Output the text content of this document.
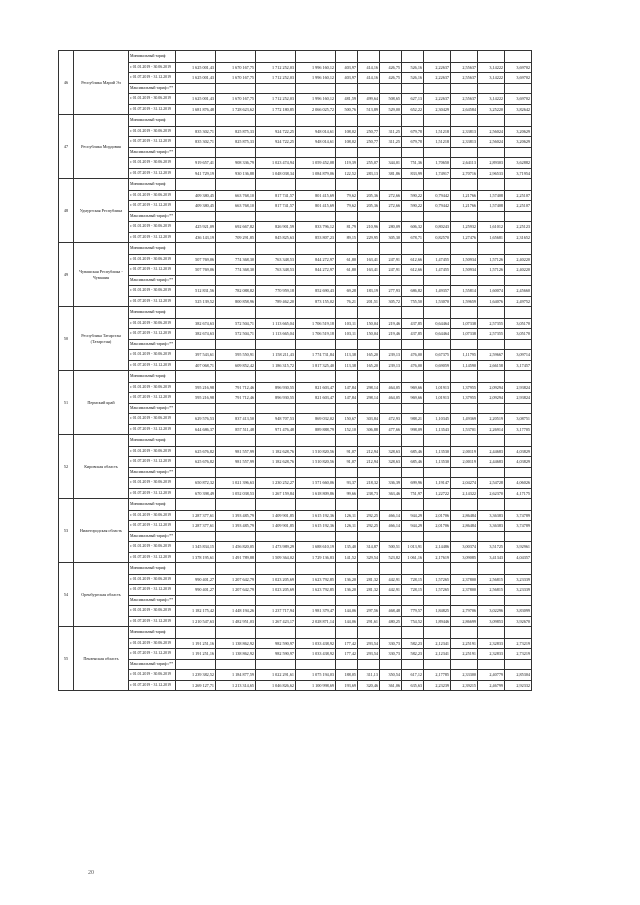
46	Республика Марий Эл	Минимальный тариф												
		с 01.01.2019 - 30.06.2019	1 625 001,43	1 670 167,75	1 712 252,03	1 996 160,12	403,97	414,16	426,75	526,16	2,22637	2,55637	3,14222	3,69702
		с 01.07.2019 - 31.12.2019	1 625 001,43	1 670 167,75	1 712 252,03	1 996 160,12	403,97	414,16	426,75	526,16	2,22637	2,55637	3,14222	3,69702
		Максимальный тариф с**												
		с 01.01.2019 - 30.06.2019	1 625 001,43	1 670 167,75	1 712 252,03	1 996 160,12	481,59	499,64	508,65	627,13	2,22637	2,55637	3,14222	3,69702
		с 01.07.2019 - 31.12.2019	1 681 876,48	1 728 623,62	1 772 180,85	2 066 025,72	500,76	513,89	529,00	652,22	2,30429	2,64584	3,25220	3,82642
47	Республика Мордовия	Минимальный тариф												
		с 01.01.2019 - 30.06.2019	835 302,71	825 875,33	924 722,25	948 014,61	108,02	250,77	311,25	679,78	1,51218	2,33813	2,56024	3,20629
		с 01.07.2019 - 31.12.2019	835 302,71	825 875,33	924 722,25	948 014,61	108,02	250,77	311,25	679,78	1,51218	2,33813	2,56024	3,20629
		Максимальный тариф с**												
		с 01.01.2019 - 30.06.2019	919 657,41	908 336,79	1 023 474,94	1 059 452,08	119,39	255,07	344,01	751,36	1,70650	2,64113	2,89303	3,62882
		с 01.07.2019 - 31.12.2019	941 729,19	930 136,88	1 048 038,34	1 084 879,06	122,52	283,13	381,86	833,99	1,74917	2,70716	2,96533	3,71954
48	Удмуртская Республика	Минимальный тариф												
		с 01.01.2019 - 30.06.2019	409 380,45	663 768,10	817 741,57	801 415,69	79,62	205,36	272,66	590,22	0,79442	1,21766	1,57408	2,25107
		с 01.07.2019 - 31.12.2019	409 380,45	663 768,10	817 741,57	801 415,69	79,62	205,36	272,66	590,22	0,79442	1,21766	1,57408	2,25107
		Максимальный тариф с**												
		с 01.01.2019 - 30.06.2019	425 921,09	692 667,82	826 901,59	833 796,12	81,79	210,96	280,09	606,32	0,80243	1,25932	1,61012	2,25123
		с 01.07.2019 - 31.12.2019	436 143,19	709 291,85	845 825,63	853 807,23	89,15	229,95	305,30	678,71	0,82570	1,27476	1,65681	2,31652
49	Чувашская Республика - Чувашия	Минимальный тариф												
		с 01.01.2019 - 30.06.2019	507 769,06	774 368,30	763 348,53	844 272,97	61,80	163,41	247,91	612,66	1,47455	1,50934	1,57126	2,40220
		с 01.07.2019 - 31.12.2019	507 769,06	774 368,30	763 348,53	844 272,97	61,80	163,41	247,91	612,66	1,47455	1,50934	1,57126	2,40220
		Максимальный тариф с**												
		с 01.01.2019 - 30.06.2019	512 831,56	782 088,82	770 959,18	852 690,43	69,28	183,19	277,93	686,82	1,49357	1,55814	1,60074	2,45660
		с 01.07.2019 - 31.12.2019	525 139,52	800 858,96	789 462,20	873 155,02	76,21	201,51	305,72	755,50	1,53070	1,59659	1,64076	2,49752
50	Республика Татарстан (Татарстан)	Минимальный тариф												
		с 01.01.2019 - 30.06.2019	382 674,63	572 504,71	1 113 665,04	1 706 519,18	103,11	150,04	219,46	437,85	0,64464	1,07338	2,57355	3,05170
		с 01.07.2019 - 31.12.2019	382 674,63	572 504,71	1 113 665,04	1 706 519,18	103,11	150,04	219,46	437,85	0,64464	1,07338	2,57355	3,05170
		Максимальный тариф с**												
		с 01.01.2019 - 30.06.2019	397 543,61	595 550,91	1 158 211,43	1 774 731,84	113,38	165,20	239,13	476,00	0,67375	1,11795	2,59667	3,09714
		с 01.07.2019 - 31.12.2019	407 068,71	609 852,42	1 186 315,72	1 817 325,40	113,38	165,20	239,13	476,00	0,69059	1,14590	2,66158	3,17457
51	Пермский край	Минимальный тариф												
		с 01.01.2019 - 30.06.2019	595 216,98	791 712,46	896 930,55	821 603,47	147,84	298,14	464,05	969,66	1,01913	1,37955	2,09294	2,93824
		с 01.07.2019 - 31.12.2019	595 216,98	791 712,46	896 930,55	821 603,47	147,84	298,14	464,05	969,66	1,01913	1,37955	2,09294	2,93824
		Максимальный тариф с**												
		с 01.01.2019 - 30.06.2019	629 576,53	837 413,50	948 707,53	869 032,02	150,67	303,84	472,93	988,21	1,10345	1,49369	2,20519	3,08751
		с 01.07.2019 - 31.12.2019	644 686,37	857 511,48	971 476,48	889 888,79	152,10	306,88	477,66	998,09	1,13543	1,53701	2,26914	3,17705
52	Кировская область	Минимальный тариф												
		с 01.01.2019 - 30.06.2019	625 676,82	981 557,99	1 182 628,76	1 510 820,56	91,07	212,94	328,63	685,46	1,13530	2,00119	2,44683	4,03829
		с 01.07.2019 - 31.12.2019	625 676,82	981 557,99	1 182 628,76	1 510 820,56	91,07	212,94	328,63	685,46	1,13530	2,00119	2,44683	4,03829
		Максимальный тариф с**												
		с 01.01.2019 - 30.06.2019	650 872,32	1 021 396,63	1 230 252,27	1 571 660,06	93,37	218,32	336,39	699,96	1,19147	2,04274	2,54728	4,06026
		с 01.07.2019 - 31.12.2019	670 398,49	1 052 038,53	1 267 159,84	1 618 809,86	99,66	238,73	363,46	751,97	1,22722	2,14322	2,62370	4,17175
53	Нижегородская область	Минимальный тариф												
		с 01.01.2019 - 30.06.2019	1 287 377,61	1 393 485,79	1 409 901,85	1 615 192,36	126,11	292,25	466,14	944,29	2,01706	2,86484	3,36383	3,74789
		с 01.07.2019 - 31.12.2019	1 287 377,61	1 393 485,79	1 409 901,85	1 615 192,36	126,11	292,25	466,14	944,29	2,01706	2,86484	3,36383	3,74789
		Максимальный тариф с**												
		с 01.01.2019 - 30.06.2019	1 345 834,15	1 456 820,05	1 473 989,29	1 688 610,19	135,40	314,87	500,51	1 013,91	2,14486	3,00374	3,51725	3,92961
		с 01.07.2019 - 31.12.2019	1 378 195,61	1 491 789,88	1 509 364,02	1 729 136,83	141,52	329,54	523,82	1 061,16	2,17619	3,09085	3,41343	4,04357
54	Оренбургская область	Минимальный тариф												
		с 01.01.2019 - 30.06.2019	990 401,27	1 207 642,79	1 023 205,69	1 623 792,85	136,20	281,32	442,91	728,15	1,57265	2,37800	2,56815	3,23339
		с 01.07.2019 - 31.12.2019	990 401,27	1 207 642,79	1 023 205,69	1 623 792,85	136,20	281,32	442,91	728,15	1,57265	2,37800	2,56815	3,23339
		Максимальный тариф с**												
		с 01.01.2019 - 30.06.2019	1 182 175,42	1 448 194,26	1 237 717,94	1 981 379,47	144,06	297,56	468,48	779,57	1,84825	2,79706	3,02296	3,83099
		с 01.07.2019 - 31.12.2019	1 210 547,63	1 482 951,03	1 267 423,17	2 028 871,14	144,06	291,61	480,25	754,52	1,89446	2,86699	3,09853	3,92670
55	Пензенская область	Минимальный тариф												
		с 01.01.2019 - 30.06.2019	1 191 251,16	1 138 862,92	982 590,97	1 033 438,92	177,42	293,54	330,73	582,23	2,12341	2,25191	2,32833	2,73219
		с 01.07.2019 - 31.12.2019	1 191 251,16	1 138 862,92	982 590,97	1 033 438,92	177,42	293,54	330,73	582,23	2,12341	2,25191	2,32833	2,73219
		Максимальный тариф с**												
		с 01.01.2019 - 30.06.2019	1 239 382,52	1 184 877,59	1 022 291,61	1 075 194,03	188,05	311,13	350,54	617,12	2,17785	2,33300	2,40779	2,85304
		с 01.07.2019 - 31.12.2019	1 269 127,71	1 213 314,65	1 046 826,62	1 100 998,69	193,69	320,46	361,06	635,63	2,23239	2,39215	2,46799	2,92332
20
